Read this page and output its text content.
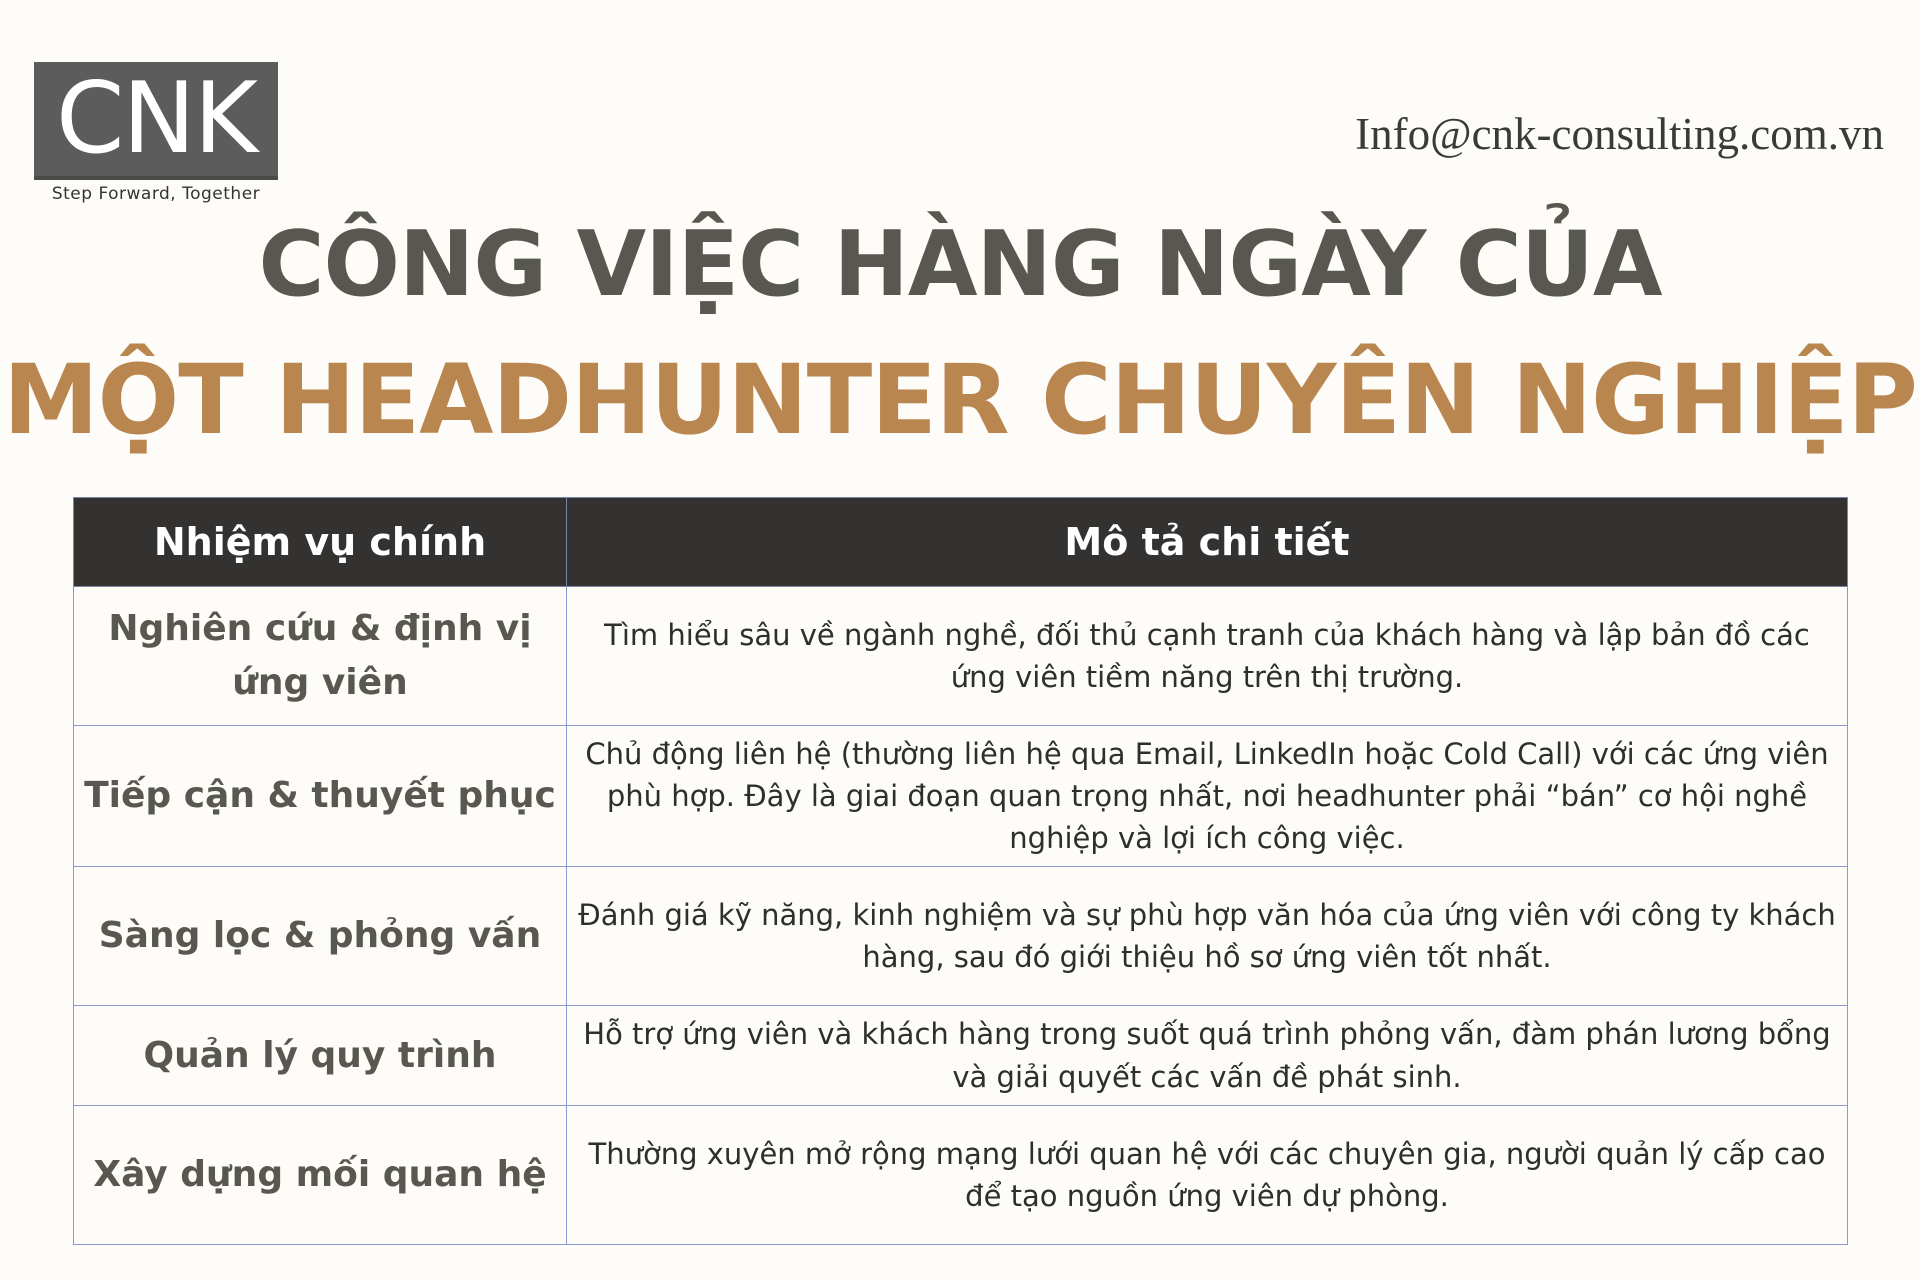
CNK
Step Forward, Together
Info@cnk-consulting.com.vn
CÔNG VIỆC HÀNG NGÀY CỦA
MỘT HEADHUNTER CHUYÊN NGHIỆP
Nhiệm vụ chính	Mô tả chi tiết
Nghiên cứu & định vị ứng viên	Tìm hiểu sâu về ngành nghề, đối thủ cạnh tranh của khách hàng và lập bản đồ các ứng viên tiềm năng trên thị trường.
Tiếp cận & thuyết phục	Chủ động liên hệ (thường liên hệ qua Email, LinkedIn hoặc Cold Call) với các ứng viên phù hợp. Đây là giai đoạn quan trọng nhất, nơi headhunter phải “bán” cơ hội nghề nghiệp và lợi ích công việc.
Sàng lọc & phỏng vấn	Đánh giá kỹ năng, kinh nghiệm và sự phù hợp văn hóa của ứng viên với công ty khách hàng, sau đó giới thiệu hồ sơ ứng viên tốt nhất.
Quản lý quy trình	Hỗ trợ ứng viên và khách hàng trong suốt quá trình phỏng vấn, đàm phán lương bổng và giải quyết các vấn đề phát sinh.
Xây dựng mối quan hệ	Thường xuyên mở rộng mạng lưới quan hệ với các chuyên gia, người quản lý cấp cao để tạo nguồn ứng viên dự phòng.
